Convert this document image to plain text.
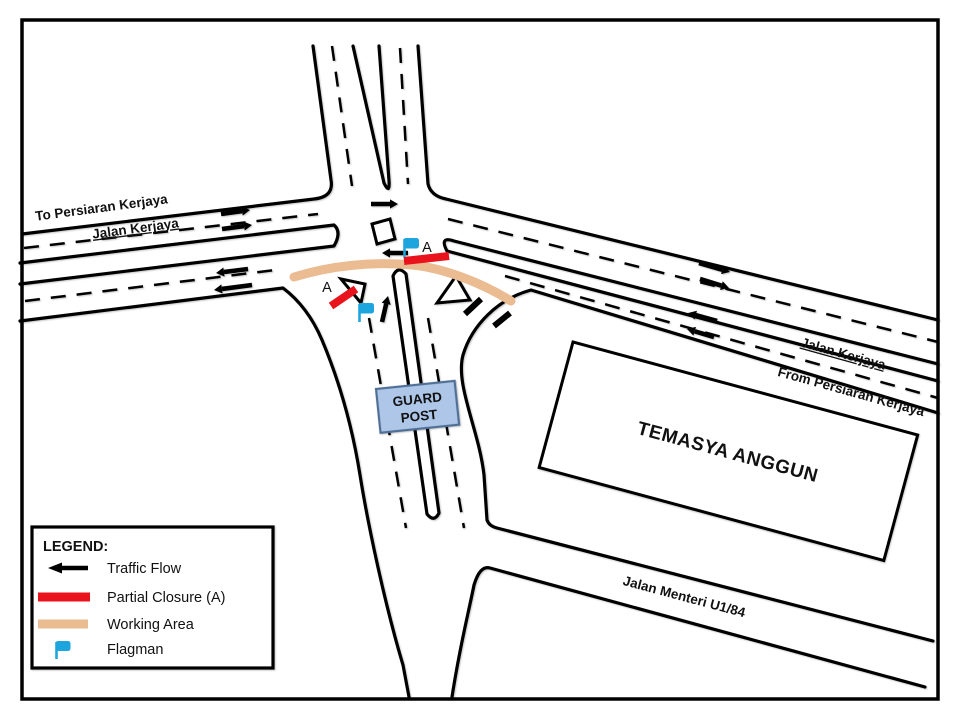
A
A
TEMASYA ANGGUN
GUARD
POST
To Persiaran Kerjaya
Jalan Kerjaya
Jalan Kerjaya
From Persiaran Kerjaya
Jalan Menteri U1/84
LEGEND:
Traffic Flow
Partial Closure (A)
Working Area
Flagman
